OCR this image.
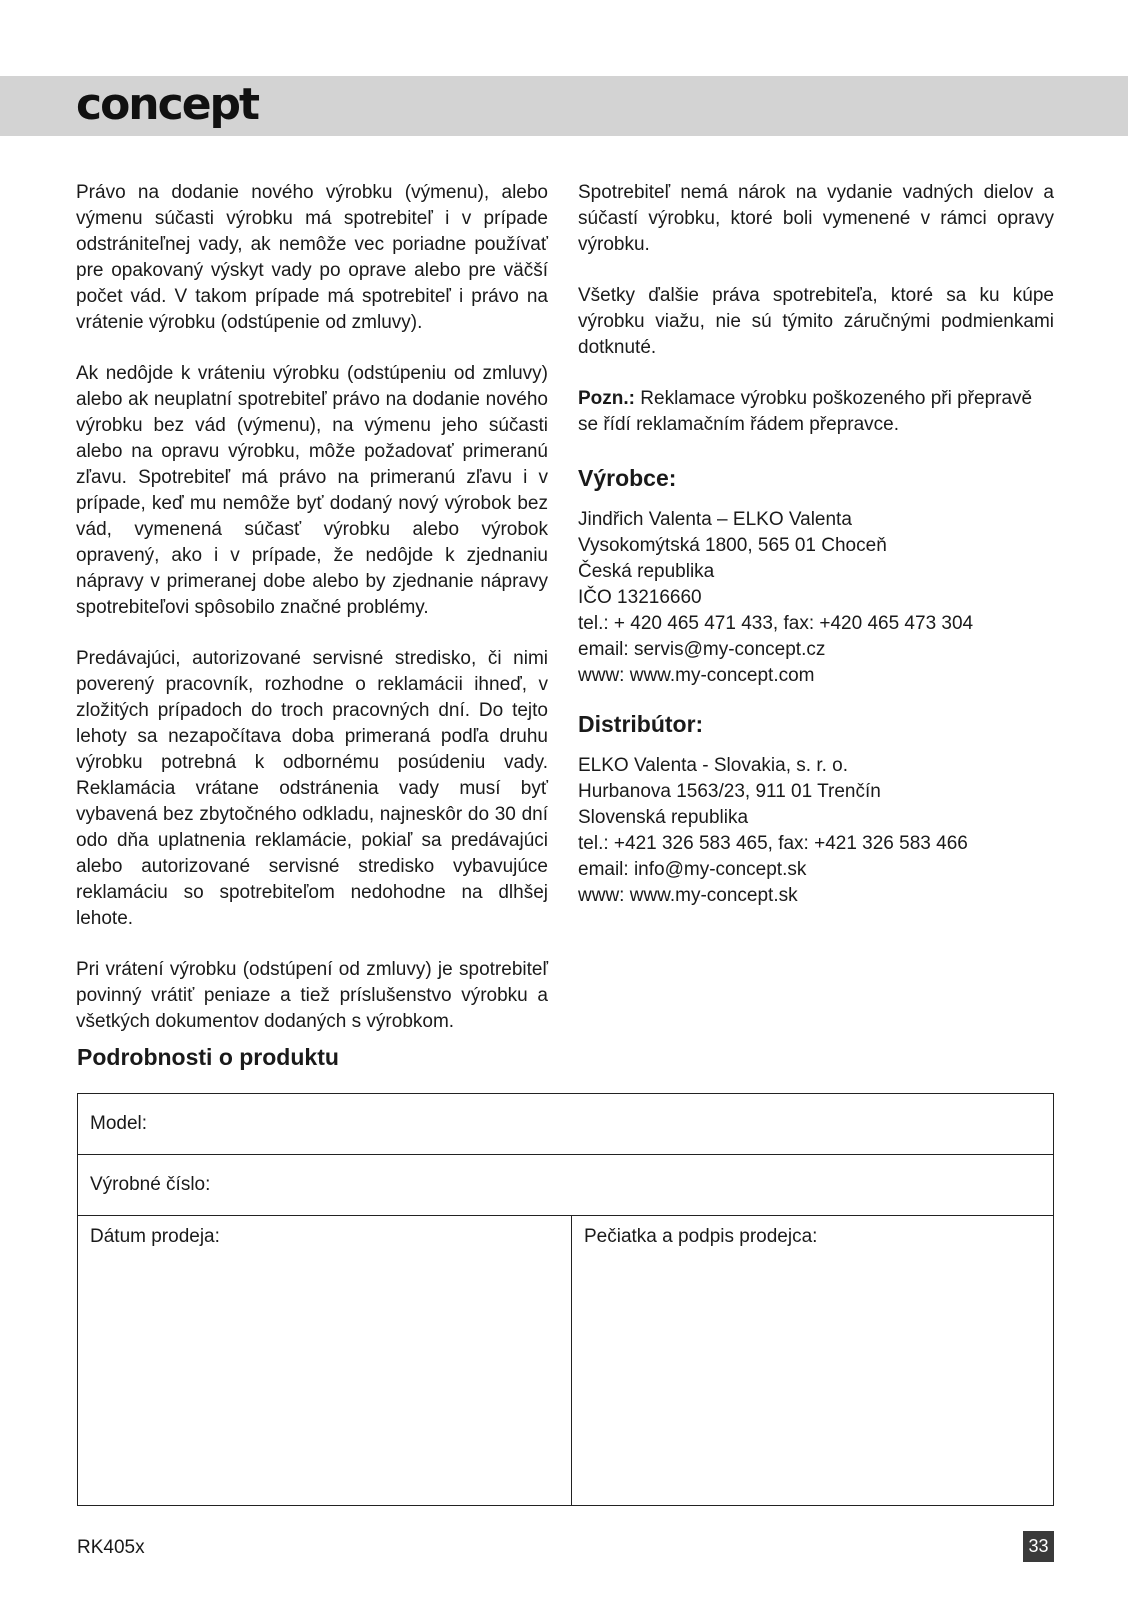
concept

Právo na dodanie nového výrobku (výmenu), alebo výmenu súčasti výrobku má spotrebiteľ i v prípade odstrániteľnej vady, ak nemôže vec poriadne používať pre opakovaný výskyt vady po oprave alebo pre väčší počet vád. V takom prípade má spotrebiteľ i právo na vrátenie výrobku (odstúpenie od zmluvy).

Ak nedôjde k vráteniu výrobku (odstúpeniu od zmluvy) alebo ak neuplatní spotrebiteľ právo na dodanie nového výrobku bez vád (výmenu), na výmenu jeho súčasti alebo na opravu výrobku, môže požadovať primeranú zľavu. Spotrebiteľ má právo na primeranú zľavu i v prípade, keď mu nemôže byť dodaný nový výrobok bez vád, vymenená súčasť výrobku alebo výrobok opravený, ako i v prípade, že nedôjde k zjednaniu nápravy v primeranej dobe alebo by zjednanie nápravy spotrebiteľovi spôsobilo značné problémy.

Predávajúci, autorizované servisné stredisko, či nimi poverený pracovník, rozhodne o reklamácii ihneď, v zložitých prípadoch do troch pracovných dní. Do tejto lehoty sa nezapočítava doba primeraná podľa druhu výrobku potrebná k odbornému posúdeniu vady. Reklamácia vrátane odstránenia vady musí byť vybavená bez zbytočného odkladu, najneskôr do 30 dní odo dňa uplatnenia reklamácie, pokiaľ sa predávajúci alebo autorizované servisné stredisko vybavujúce reklamáciu so spotrebiteľom nedohodne na dlhšej lehote.

Pri vrátení výrobku (odstúpení od zmluvy) je spotrebiteľ povinný vrátiť peniaze a tiež príslušenstvo výrobku a všetkých dokumentov dodaných s výrobkom.

Spotrebiteľ nemá nárok na vydanie vadných dielov a súčastí výrobku, ktoré boli vymenené v rámci opravy výrobku.

Všetky ďalšie práva spotrebiteľa, ktoré sa ku kúpe výrobku viažu, nie sú týmito záručnými podmienkami dotknuté.

Pozn.: Reklamace výrobku poškozeného při přepravě se řídí reklamačním řádem přepravce.

Výrobce:
Jindřich Valenta – ELKO Valenta
Vysokomýtská 1800, 565 01 Choceň
Česká republika
IČO 13216660
tel.: + 420 465 471 433, fax: +420 465 473 304
email: servis@my-concept.cz
www: www.my-concept.com
Distribútor:
ELKO Valenta - Slovakia, s. r. o.
Hurbanova 1563/23, 911 01 Trenčín
Slovenská republika
tel.: +421 326 583 465, fax: +421 326 583 466
email: info@my-concept.sk
www: www.my-concept.sk
Podrobnosti o produktu
Model:
Výrobné číslo:
Dátum prodeja:	Pečiatka a podpis prodejca:
RK405x	33
